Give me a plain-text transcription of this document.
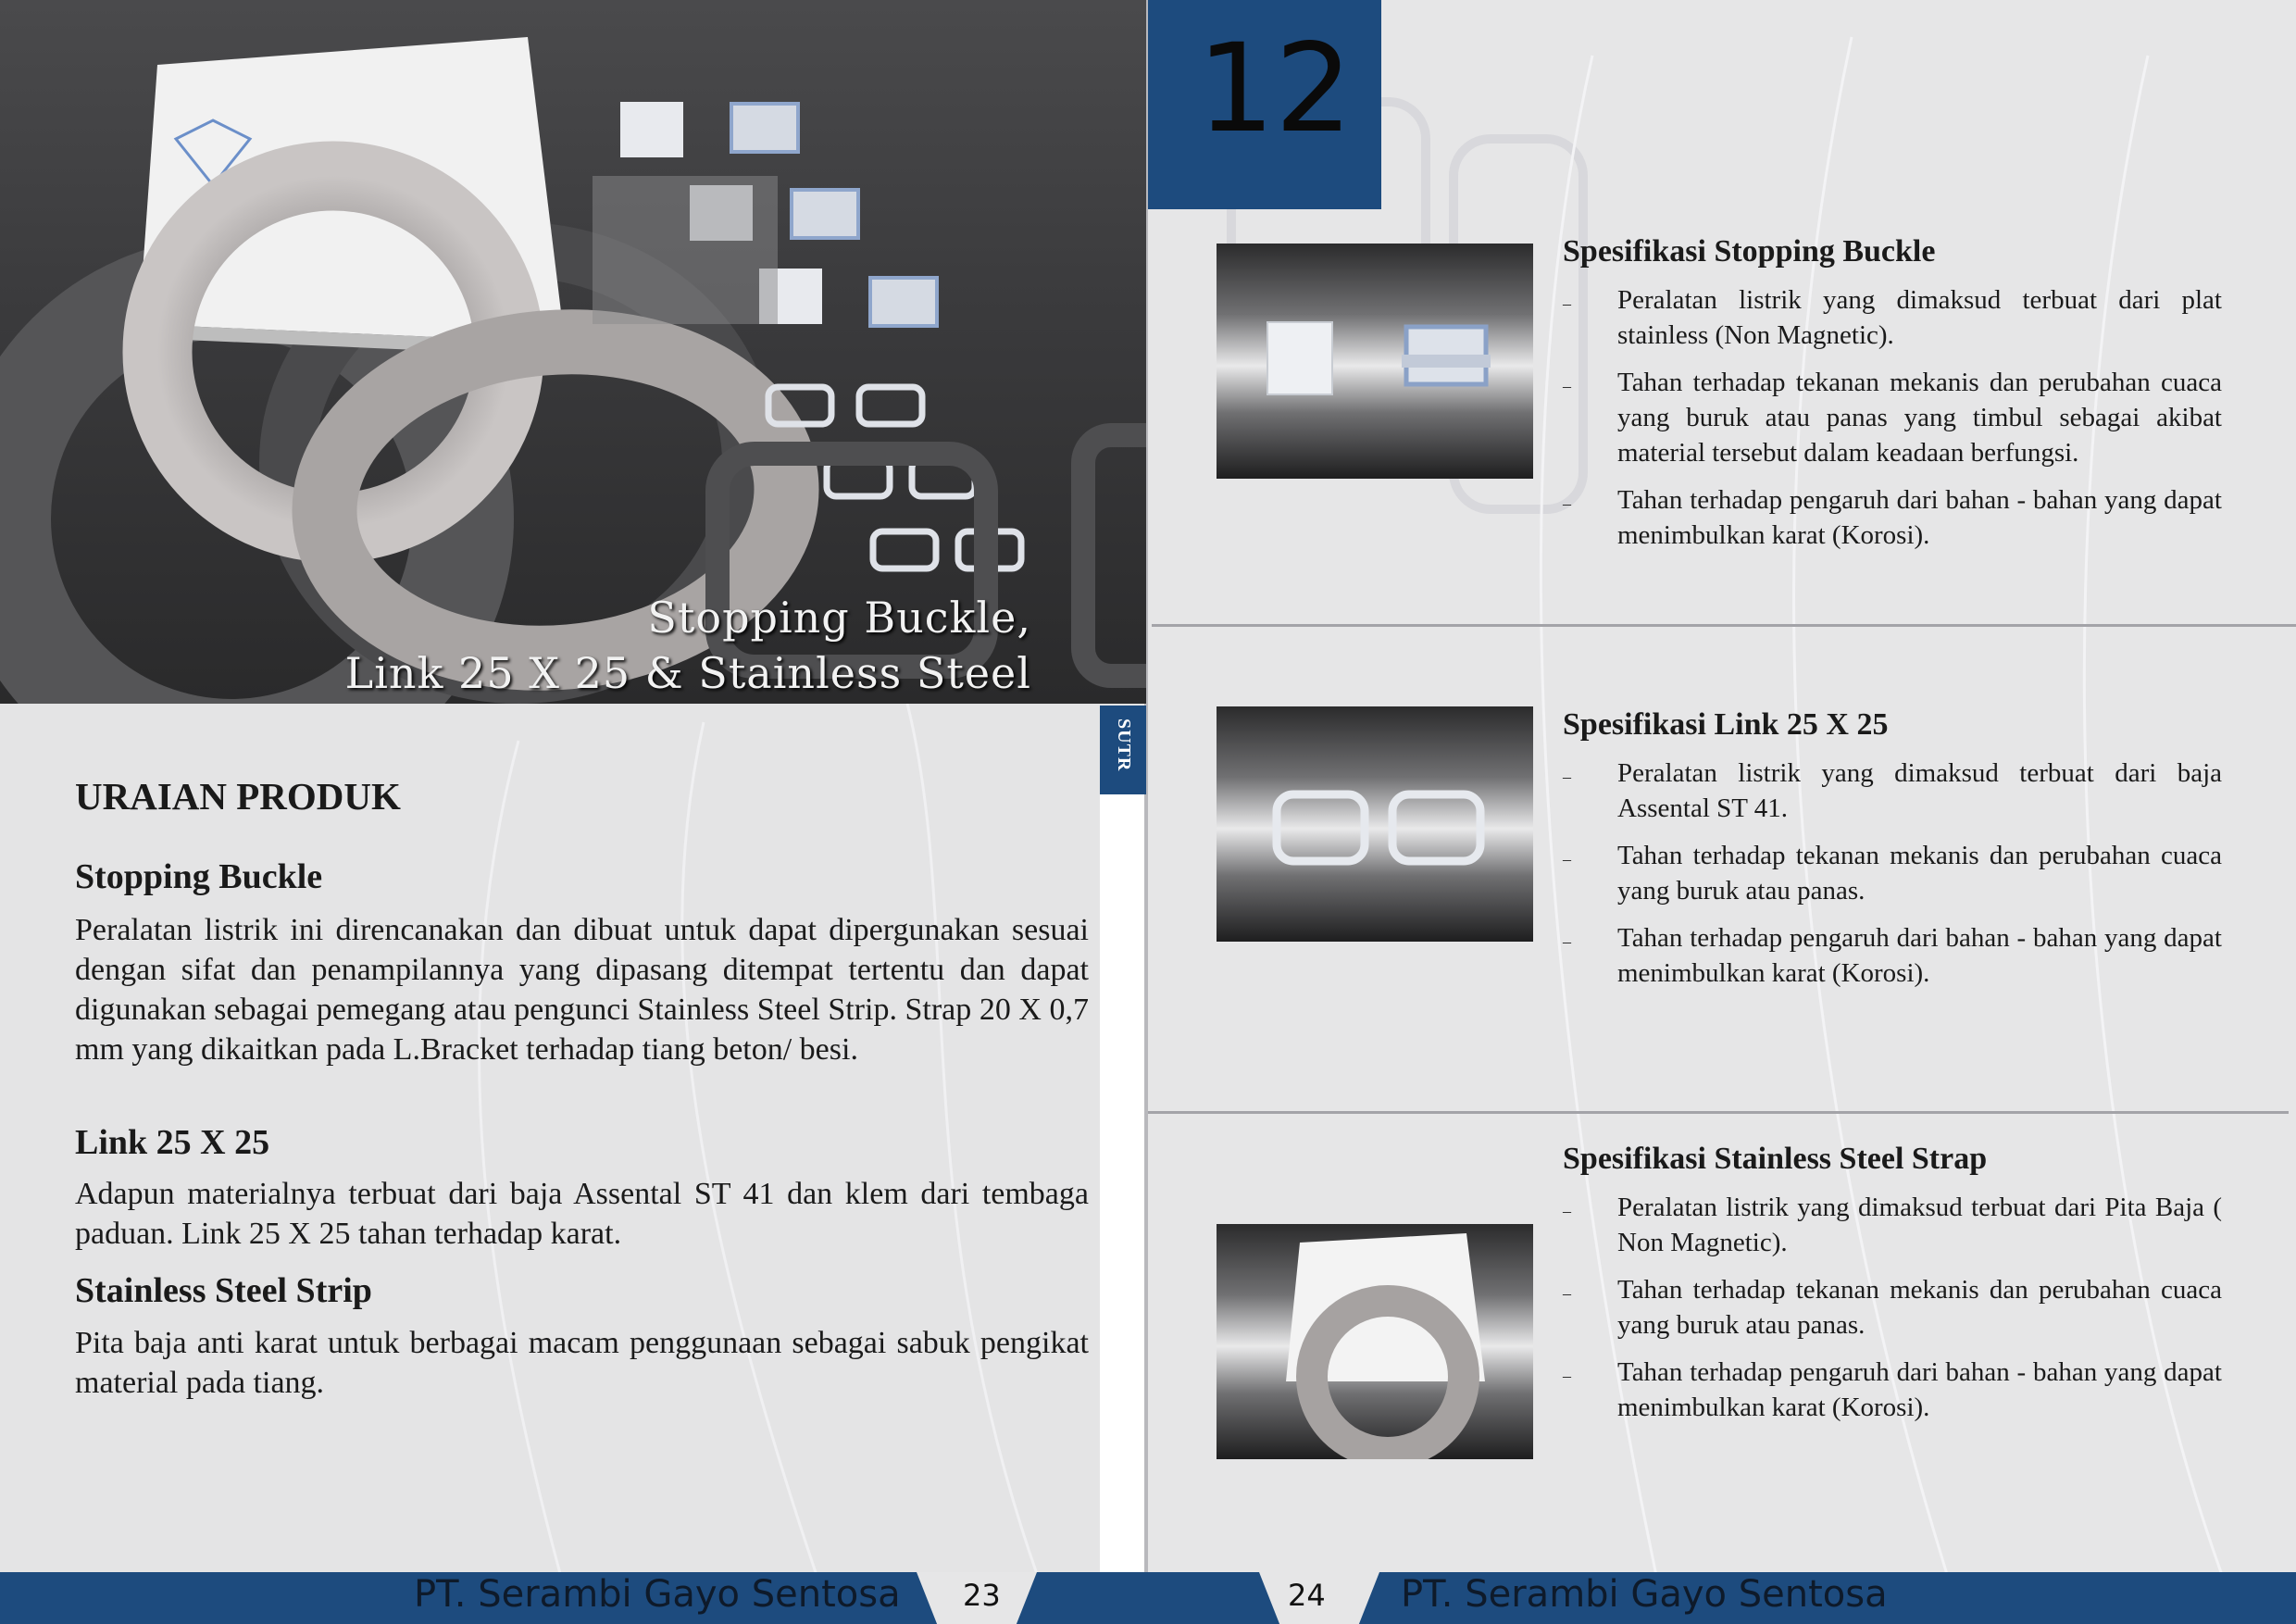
Stopping Buckle,
Link 25 X 25 & Stainless Steel
SUTR
URAIAN PRODUK
Stopping Buckle
Peralatan listrik ini direncanakan dan dibuat untuk dapat dipergunakan sesuai dengan sifat dan penampilannya yang dipasang ditempat tertentu dan dapat digunakan sebagai pemegang atau pengunci Stainless Steel Strip. Strap 20 X 0,7 mm yang dikaitkan pada L.Bracket terhadap tiang beton/ besi.
Link 25 X 25
Adapun materialnya terbuat dari baja Assental ST 41 dan klem dari tembaga paduan. Link 25 X 25 tahan terhadap karat.
Stainless Steel Strip
Pita baja anti karat untuk berbagai macam penggunaan sebagai sabuk pengikat material pada tiang.
12
Spesifikasi Stopping Buckle
– Peralatan listrik yang dimaksud terbuat dari plat stainless (Non Magnetic).
– Tahan terhadap tekanan mekanis dan perubahan cuaca yang buruk atau panas yang timbul sebagai akibat material tersebut dalam keadaan berfungsi.
– Tahan terhadap pengaruh dari bahan - bahan yang dapat menimbulkan karat (Korosi).
Spesifikasi Link 25 X 25
– Peralatan listrik yang dimaksud terbuat dari baja Assental ST 41.
– Tahan terhadap tekanan mekanis dan perubahan cuaca yang buruk atau panas.
– Tahan terhadap pengaruh dari bahan - bahan yang dapat menimbulkan karat (Korosi).
Spesifikasi Stainless Steel Strap
– Peralatan listrik yang dimaksud terbuat dari Pita Baja ( Non Magnetic).
– Tahan terhadap tekanan mekanis dan perubahan cuaca yang buruk atau panas.
– Tahan terhadap pengaruh dari bahan - bahan yang dapat menimbulkan karat (Korosi).
PT. Serambi Gayo Sentosa 23	24 PT. Serambi Gayo Sentosa
